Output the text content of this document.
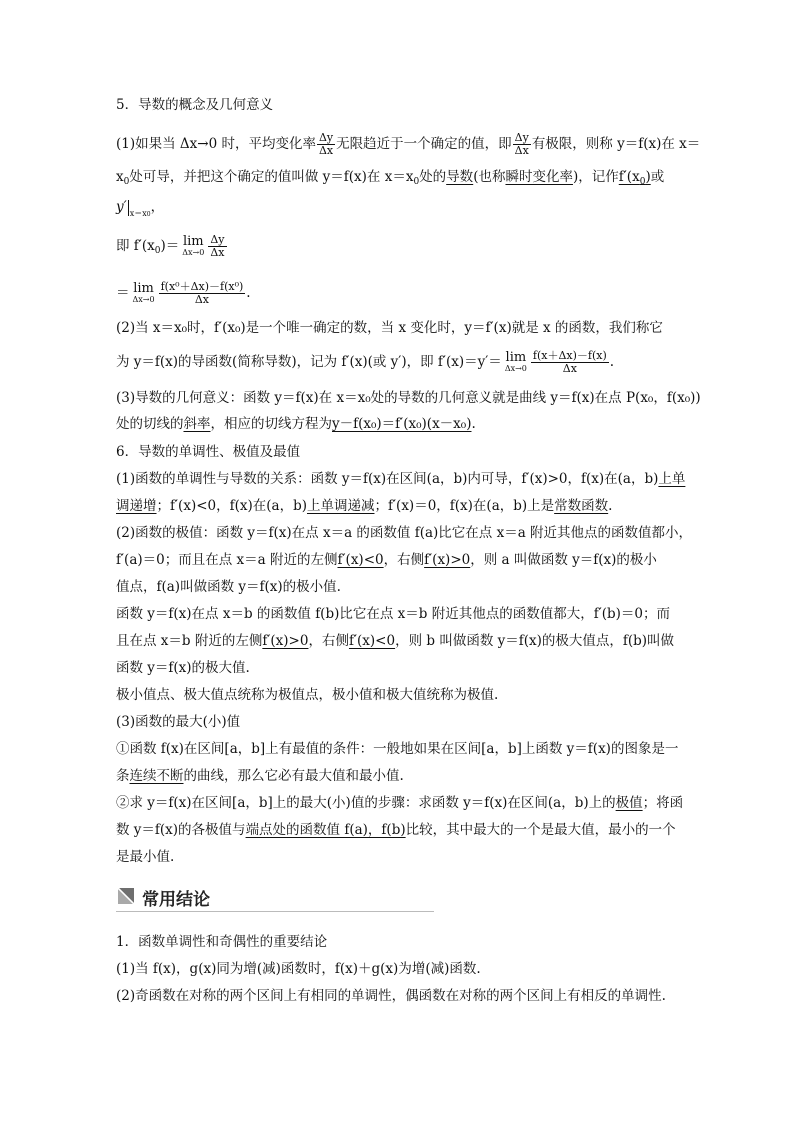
5．导数的概念及几何意义
(1)如果当 Δx→0 时，平均变化率 $\frac{\Delta y}{\Delta x}$ 无限趋近于一个确定的值，即 $\frac{\Delta y}{\Delta x}$ 有极限，则称 y＝f(x)在 x＝
$x_0$处可导，并把这个确定的值叫做 y＝f(x)在 $x=x_0$处的导数(也称瞬时变化率)，记作$f'(x_0)$或
y′ x＝x0，
即 $f'(x_0)= \lim$
$\Delta x\to 0 \frac{\Delta y}{\Delta x}$
＝ lim
$\Delta x\to 0 \frac{\text{f(x⁰＋Δx)－f(x⁰)}}{\Delta x}$ .
(2)当 x＝x₀时，f′(x₀)是一个唯一确定的数，当 x 变化时，y＝f′(x)就是 x 的函数，我们称它
为 y＝f(x)的导函数(简称导数)，记为 f′(x)(或 y′)，即 f′(x)＝y′＝ lim
$\Delta x\to 0 \frac{f(x+\Delta x)-f(x)}{\Delta x}$ .
(3)导数的几何意义：函数 y＝f(x)在 x＝x₀处的导数的几何意义就是曲线 y＝f(x)在点 P(x₀，f(x₀))
处的切线的斜率，相应的切线方程为y－f(x₀)＝f′(x₀)(x－x₀).
6．导数的单调性、极值及最值
(1)函数的单调性与导数的关系：函数 y＝f(x)在区间(a，b)内可导，f′(x)>0，f(x)在(a，b)上单
调递增；f′(x)<0，f(x)在(a，b)上单调递减；f′(x)＝0，f(x)在(a，b)上是常数函数.
(2)函数的极值：函数 y＝f(x)在点 x＝a 的函数值 f(a)比它在点 x＝a 附近其他点的函数值都小，
f′(a)＝0；而且在点 x＝a 附近的左侧f′(x)<0，右侧f′(x)>0，则 a 叫做函数 y＝f(x)的极小
值点，f(a)叫做函数 y＝f(x)的极小值.
函数 y＝f(x)在点 x＝b 的函数值 f(b)比它在点 x＝b 附近其他点的函数值都大，f′(b)＝0；而
且在点 x＝b 附近的左侧f′(x)>0，右侧f′(x)<0，则 b 叫做函数 y＝f(x)的极大值点，f(b)叫做
函数 y＝f(x)的极大值.
极小值点、极大值点统称为极值点，极小值和极大值统称为极值.
(3)函数的最大(小)值
①函数 f(x)在区间[a，b]上有最值的条件：一般地如果在区间[a，b]上函数 y＝f(x)的图象是一
条连续不断的曲线，那么它必有最大值和最小值.
②求 y＝f(x)在区间[a，b]上的最大(小)值的步骤：求函数 y＝f(x)在区间(a，b)上的极值；将函
数 y＝f(x)的各极值与端点处的函数值 f(a)，f(b)比较，其中最大的一个是最大值，最小的一个
是最小值.
常用结论
1．函数单调性和奇偶性的重要结论
(1)当 f(x)，g(x)同为增(减)函数时，f(x)＋g(x)为增(减)函数.
(2)奇函数在对称的两个区间上有相同的单调性，偶函数在对称的两个区间上有相反的单调性.
